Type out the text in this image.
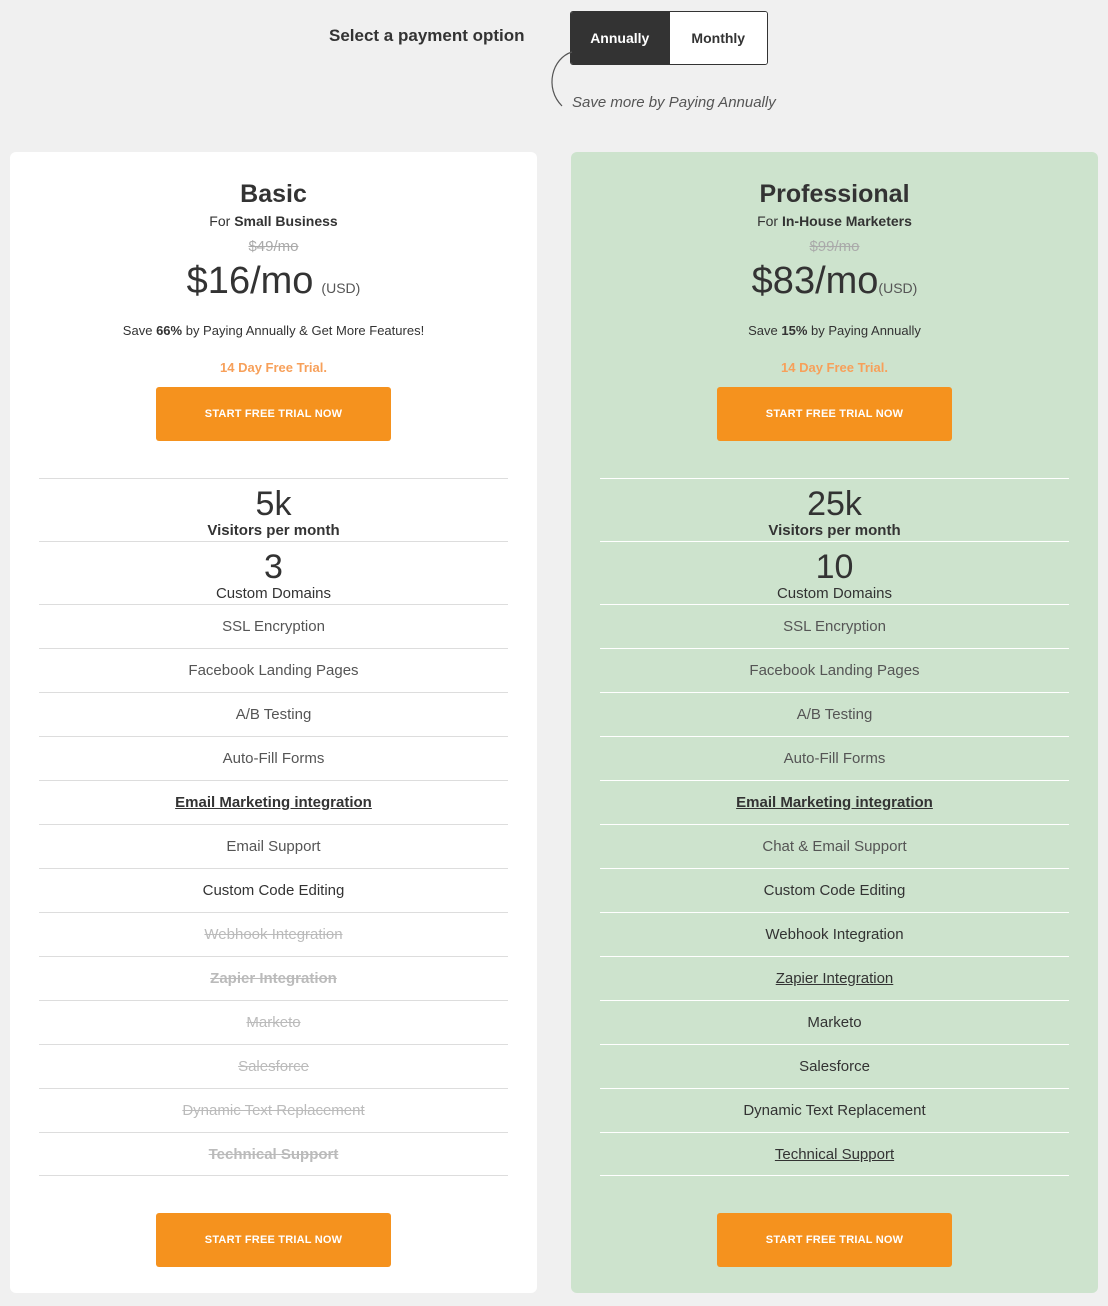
Select a payment option	Annually	Monthly
Save more by Paying Annually
Basic
For Small Business
$49/mo
$16/mo (USD)
Save 66% by Paying Annually & Get More Features!
14 Day Free Trial.
START FREE TRIAL NOW
5k
Visitors per month
3
Custom Domains
SSL Encryption
Facebook Landing Pages
A/B Testing
Auto-Fill Forms
Email Marketing integration
Email Support
Custom Code Editing
Webhook Integration
Zapier Integration
Marketo
Salesforce
Dynamic Text Replacement
Technical Support
START FREE TRIAL NOW
Professional
For In-House Marketers
$99/mo
$83/mo(USD)
Save 15% by Paying Annually
14 Day Free Trial.
START FREE TRIAL NOW
25k
Visitors per month
10
Custom Domains
SSL Encryption
Facebook Landing Pages
A/B Testing
Auto-Fill Forms
Email Marketing integration
Chat & Email Support
Custom Code Editing
Webhook Integration
Zapier Integration
Marketo
Salesforce
Dynamic Text Replacement
Technical Support
START FREE TRIAL NOW
